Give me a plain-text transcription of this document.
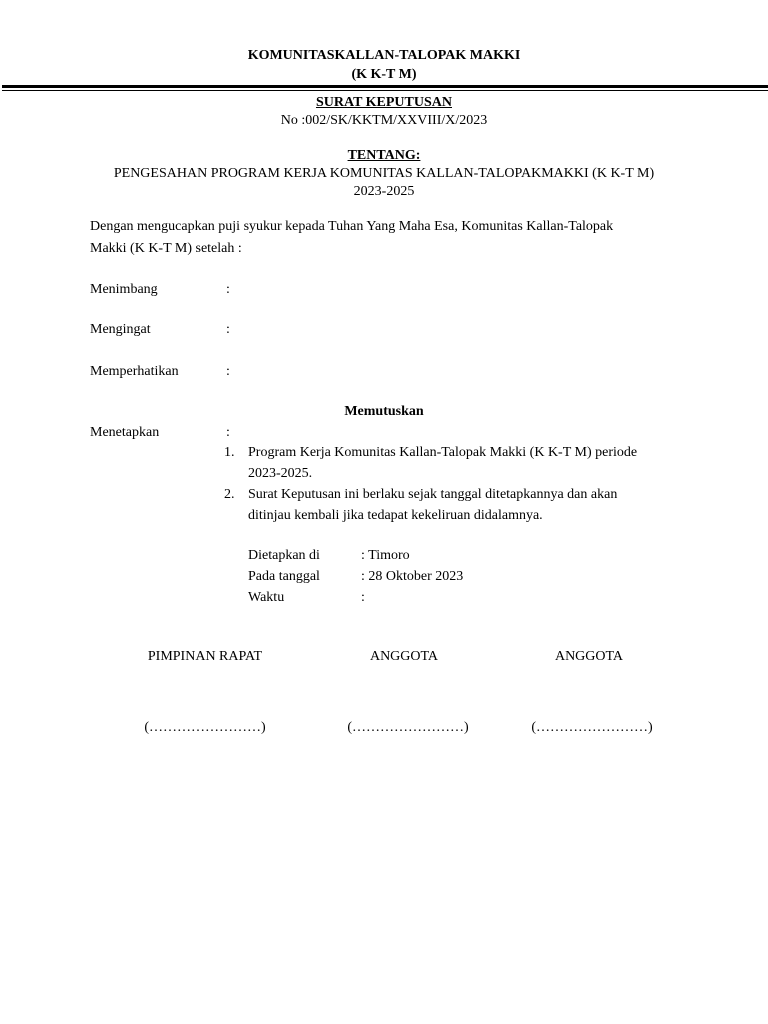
KOMUNITASKALLAN-TALOPAK MAKKI
(K K-T M)
SURAT KEPUTUSAN
No :002/SK/KKTM/XXVIII/X/2023
TENTANG:
PENGESAHAN PROGRAM KERJA KOMUNITAS KALLAN-TALOPAKMAKKI (K K-T M)
2023-2025
Dengan mengucapkan puji syukur kepada Tuhan Yang Maha Esa, Komunitas Kallan-Talopak
Makki (K K-T M) setelah :
Menimbang	:
Mengingat	:
Memperhatikan	:
Memutuskan
Menetapkan	:
1. Program Kerja Komunitas Kallan-Talopak Makki (K K-T M) periode
2023-2025.
2. Surat Keputusan ini berlaku sejak tanggal ditetapkannya dan akan
ditinjau kembali jika tedapat kekeliruan didalamnya.
Dietapkan di	: Timoro
Pada tanggal	: 28 Oktober 2023
Waktu	:
PIMPINAN RAPAT	ANGGOTA	ANGGOTA
(……………………)	(……………………)	(……………………)
